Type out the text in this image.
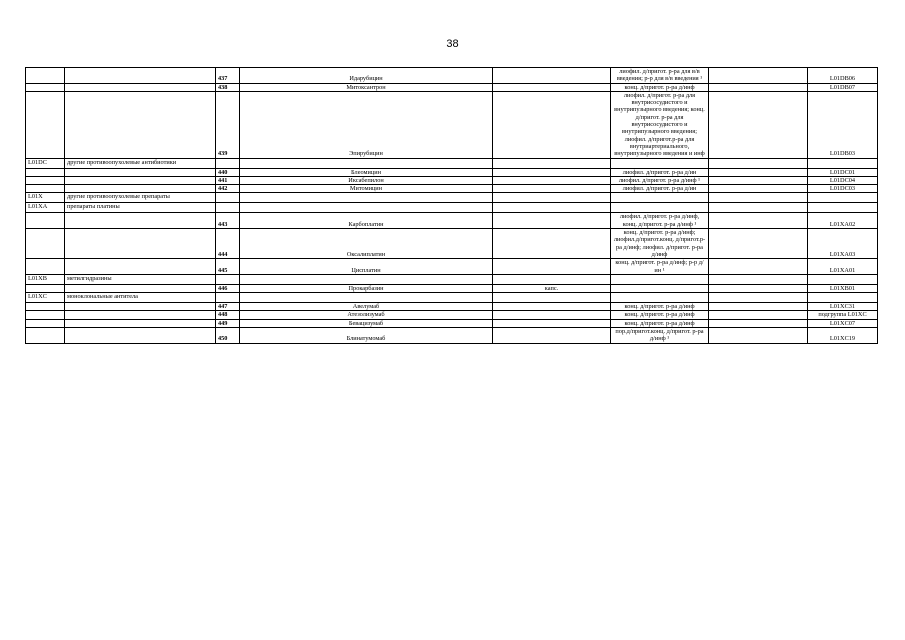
38
		437	Идарубицин		лиофил. д/пригот. р-ра для в/в введения; р-р для в/в введения ¹		L01DB06
		438	Митоксантрон		конц. д/пригот. р-ра д/инф		L01DB07
		439	Эпирубицин		лиофил. д/пригот. р-ра для внутрисосудистого и внутрипузырного введения; конц. д/пригот. р-ра для внутрисосудистого и внутрипузырного введения; лиофил. д/пригот.р-ра для внутриартериального, внутрипузырного введения и инф		L01DB03
L01DC	другие противоопухолевые антибиотики						
		440	Блеомицин		лиофил. д/пригот. р-ра д/ин		L01DC01
		441	Иксабепилон		лиофил. д/пригот. р-ра д/инф ¹		L01DC04
		442	Митомицин		лиофил. д/пригот. р-ра д/ин		L01DC03
L01X	другие противоопухолевые препараты						
L01XA	препараты платины						
		443	Карбоплатин		лиофил. д/пригот. р-ра д/инф, конц. д/пригот. р-ра д/инф ¹		L01XA02
		444	Оксалиплатин		конц. д/пригот. р-ра д/инф; лиофил.д/пригот.конц. д/пригот.р-ра д/инф; лиофил. д/пригот. р-ра д/инф		L01XA03
		445	Цисплатин		конц. д/пригот. р-ра д/инф; р-р д/ин ¹		L01XA01
L01XB	метилгидразины						
		446	Прокарбазин	капс.			L01XB01
L01XC	моноклональные антитела						
		447	Авелумаб		конц. д/пригот. р-ра д/инф		L01XC31
		448	Атезолизумаб		конц. д/пригот. р-ра д/инф		подгруппа L01XC
		449	Бевацизумаб		конц. д/пригот. р-ра д/инф		L01XC07
		450	Блинатумомаб		пор.д/пригот.конц. д/пригот. р-ра д/инф ¹		L01XC19
